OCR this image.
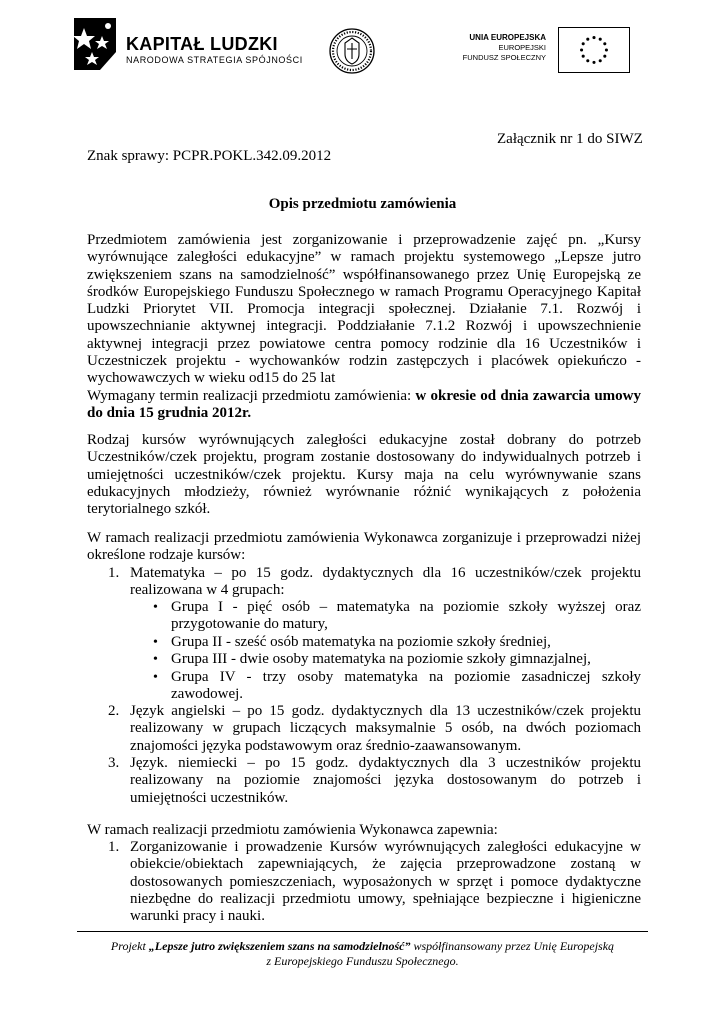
KAPITAŁ LUDZKI
NARODOWA STRATEGIA SPÓJNOŚCI
UNIA EUROPEJSKA
EUROPEJSKI
FUNDUSZ SPOŁECZNY
Załącznik nr 1 do SIWZ
Znak sprawy: PCPR.POKL.342.09.2012
Opis przedmiotu zamówienia
Przedmiotem zamówienia jest zorganizowanie i przeprowadzenie zajęć pn. „Kursy wyrównujące zaległości edukacyjne” w ramach projektu systemowego „Lepsze jutro zwiększeniem szans na samodzielność” współfinansowanego przez Unię Europejską ze środków Europejskiego Funduszu Społecznego w ramach Programu Operacyjnego Kapitał Ludzki Priorytet VII. Promocja integracji społecznej. Działanie 7.1. Rozwój i upowszechnianie aktywnej integracji. Poddziałanie 7.1.2 Rozwój i upowszechnienie aktywnej integracji przez powiatowe centra pomocy rodzinie dla 16 Uczestników i Uczestniczek projektu - wychowanków rodzin zastępczych i placówek opiekuńczo - wychowawczych w wieku od15 do 25 lat
Wymagany termin realizacji przedmiotu zamówienia: w okresie od dnia zawarcia umowy do dnia 15 grudnia 2012r.
Rodzaj kursów wyrównujących zaległości edukacyjne został dobrany do potrzeb Uczestników/czek projektu, program zostanie dostosowany do indywidualnych potrzeb i umiejętności uczestników/czek projektu. Kursy maja na celu wyrównywanie szans edukacyjnych młodzieży, również wyrównanie różnić wynikających z położenia terytorialnego szkół.
W ramach realizacji przedmiotu zamówienia Wykonawca zorganizuje i przeprowadzi niżej określone rodzaje kursów:
1. Matematyka – po 15 godz. dydaktycznych dla 16 uczestników/czek projektu realizowana w 4 grupach:
• Grupa I - pięć osób – matematyka na poziomie szkoły wyższej oraz przygotowanie do matury,
• Grupa II - sześć osób matematyka na poziomie szkoły średniej,
• Grupa III - dwie osoby matematyka na poziomie szkoły gimnazjalnej,
• Grupa IV - trzy osoby matematyka na poziomie zasadniczej szkoły zawodowej.
2. Język angielski – po 15 godz. dydaktycznych dla 13 uczestników/czek projektu realizowany w grupach liczących maksymalnie 5 osób, na dwóch poziomach znajomości języka podstawowym oraz średnio-zaawansowanym.
3. Język. niemiecki – po 15 godz. dydaktycznych dla 3 uczestników projektu realizowany na poziomie znajomości języka dostosowanym do potrzeb i umiejętności uczestników.
W ramach realizacji przedmiotu zamówienia Wykonawca zapewnia:
1. Zorganizowanie i prowadzenie Kursów wyrównujących zaległości edukacyjne w obiekcie/obiektach zapewniających, że zajęcia przeprowadzone zostaną w dostosowanych pomieszczeniach, wyposażonych w sprzęt i pomoce dydaktyczne niezbędne do realizacji przedmiotu umowy, spełniające bezpieczne i higieniczne warunki pracy i nauki.
Projekt „Lepsze jutro zwiększeniem szans na samodzielność” współfinansowany przez Unię Europejską
z Europejskiego Funduszu Społecznego.
